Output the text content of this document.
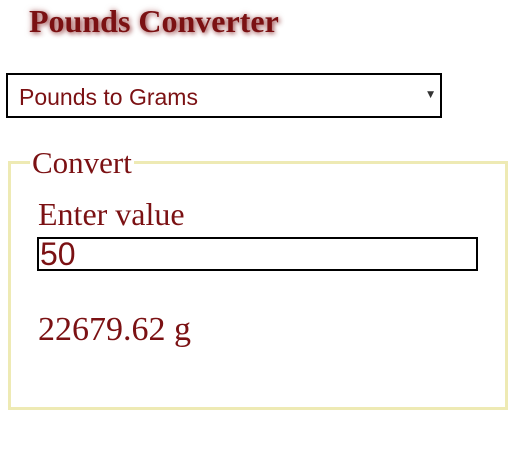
Pounds Converter
Pounds to Grams	▼
Convert
Enter value
50
22679.62 g
